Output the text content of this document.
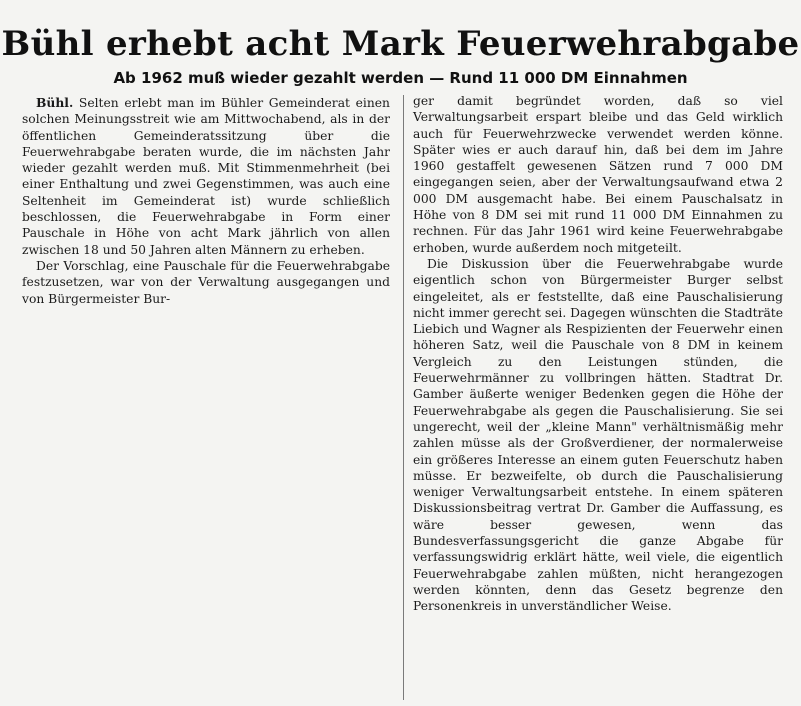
Bühl erhebt acht Mark Feuerwehrabgabe
Ab 1962 muß wieder gezahlt werden — Rund 11 000 DM Einnahmen

Bühl. Selten erlebt man im Bühler Gemeinderat einen solchen Meinungsstreit wie am Mittwochabend, als in der öffentlichen Gemeinderatssitzung über die Feuerwehrabgabe beraten wurde, die im nächsten Jahr wieder gezahlt werden muß. Mit Stimmenmehrheit (bei einer Enthaltung und zwei Gegenstimmen, was auch eine Seltenheit im Gemeinderat ist) wurde schließlich beschlossen, die Feuerwehrabgabe in Form einer Pauschale in Höhe von acht Mark jährlich von allen zwischen 18 und 50 Jahren alten Männern zu erheben.

Der Vorschlag, eine Pauschale für die Feuerwehrabgabe festzusetzen, war von der Verwaltung ausgegangen und von Bürgermeister Bur-

ger damit begründet worden, daß so viel Verwaltungsarbeit erspart bleibe und das Geld wirklich auch für Feuerwehrzwecke verwendet werden könne. Später wies er auch darauf hin, daß bei dem im Jahre 1960 gestaffelt gewesenen Sätzen rund 7 000 DM eingegangen seien, aber der Verwaltungsaufwand etwa 2 000 DM ausgemacht habe. Bei einem Pauschalsatz in Höhe von 8 DM sei mit rund 11 000 DM Einnahmen zu rechnen. Für das Jahr 1961 wird keine Feuerwehrabgabe erhoben, wurde außerdem noch mitgeteilt.

Die Diskussion über die Feuerwehrabgabe wurde eigentlich schon von Bürgermeister Burger selbst eingeleitet, als er feststellte, daß eine Pauschalisierung nicht immer gerecht sei. Dagegen wünschten die Stadträte Liebich und Wagner als Respizienten der Feuerwehr einen höheren Satz, weil die Pauschale von 8 DM in keinem Vergleich zu den Leistungen stünden, die Feuerwehrmänner zu vollbringen hätten. Stadtrat Dr. Gamber äußerte weniger Bedenken gegen die Höhe der Feuerwehrabgabe als gegen die Pauschalisierung. Sie sei ungerecht, weil der „kleine Mann" verhältnismäßig mehr zahlen müsse als der Großverdiener, der normalerweise ein größeres Interesse an einem guten Feuerschutz haben müsse. Er bezweifelte, ob durch die Pauschalisierung weniger Verwaltungsarbeit entstehe. In einem späteren Diskussionsbeitrag vertrat Dr. Gamber die Auffassung, es wäre besser gewesen, wenn das Bundesverfassungsgericht die ganze Abgabe für verfassungswidrig erklärt hätte, weil viele, die eigentlich Feuerwehrabgabe zahlen müßten, nicht herangezogen werden könnten, denn das Gesetz begrenze den Personenkreis in unverständlicher Weise.
